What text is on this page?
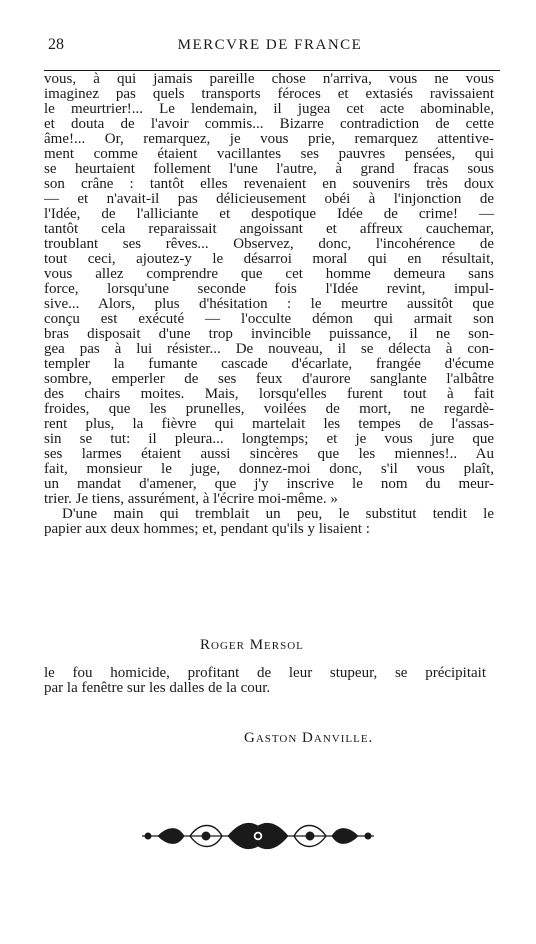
28	MERCVRE DE FRANCE
vous, à qui jamais pareille chose n'arriva, vous ne vous
imaginez pas quels transports féroces et extasiés ravissaient
le meurtrier!... Le lendemain, il jugea cet acte abominable,
et douta de l'avoir commis... Bizarre contradiction de cette
âme!... Or, remarquez, je vous prie, remarquez attentive-
ment comme étaient vacillantes ses pauvres pensées, qui
se heurtaient follement l'une l'autre, à grand fracas sous
son crâne : tantôt elles revenaient en souvenirs très doux
— et n'avait-il pas délicieusement obéi à l'injonction de
l'Idée, de l'alliciante et despotique Idée de crime! —
tantôt cela reparaissait angoissant et affreux cauchemar,
troublant ses rêves... Observez, donc, l'incohérence de
tout ceci, ajoutez-y le désarroi moral qui en résultait,
vous allez comprendre que cet homme demeura sans
force, lorsqu'une seconde fois l'Idée revint, impul-
sive... Alors, plus d'hésitation : le meurtre aussitôt que
conçu est exécuté — l'occulte démon qui armait son
bras disposait d'une trop invincible puissance, il ne son-
gea pas à lui résister... De nouveau, il se délecta à con-
templer la fumante cascade d'écarlate, frangée d'écume
sombre, emperler de ses feux d'aurore sanglante l'albâtre
des chairs moites. Mais, lorsqu'elles furent tout à fait
froides, que les prunelles, voilées de mort, ne regardè-
rent plus, la fièvre qui martelait les tempes de l'assas-
sin se tut: il pleura... longtemps; et je vous jure que
ses larmes étaient aussi sincères que les miennes!.. Au
fait, monsieur le juge, donnez-moi donc, s'il vous plaît,
un mandat d'amener, que j'y inscrive le nom du meur-
trier. Je tiens, assurément, à l'écrire moi-même. »
D'une main qui tremblait un peu, le substitut tendit le
papier aux deux hommes; et, pendant qu'ils y lisaient :
Roger Mersol
le fou homicide, profitant de leur stupeur, se précipitait
par la fenêtre sur les dalles de la cour.
Gaston Danville.
